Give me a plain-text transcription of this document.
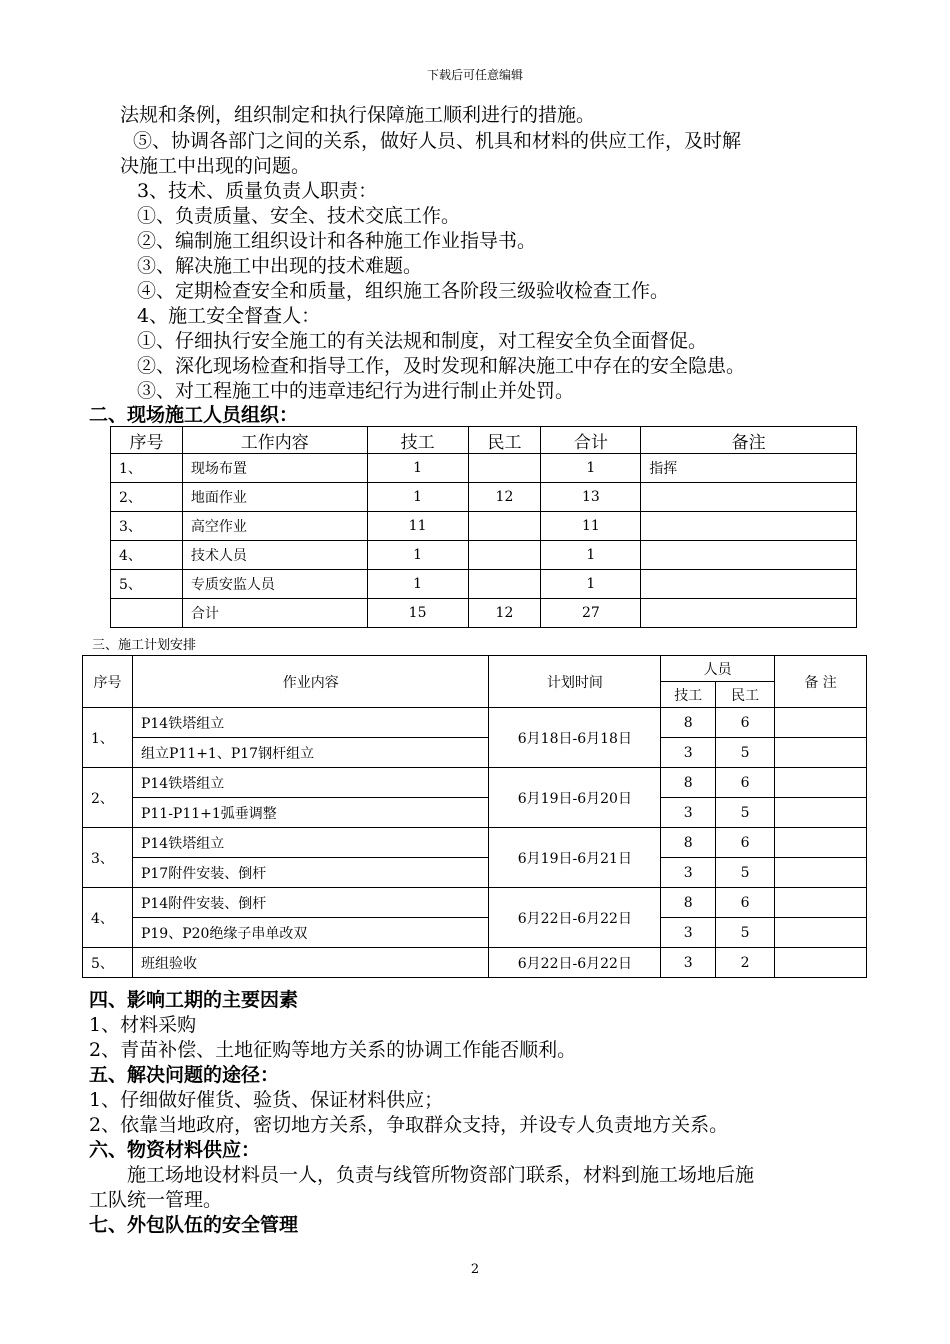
下载后可任意编辑
法规和条例，组织制定和执行保障施工顺利进行的措施。
⑤、协调各部门之间的关系，做好人员、机具和材料的供应工作，及时解
决施工中出现的问题。
3、技术、质量负责人职责：
①、负责质量、安全、技术交底工作。
②、编制施工组织设计和各种施工作业指导书。
③、解决施工中出现的技术难题。
④、定期检查安全和质量，组织施工各阶段三级验收检查工作。
4、施工安全督查人：
①、仔细执行安全施工的有关法规和制度，对工程安全负全面督促。
②、深化现场检查和指导工作，及时发现和解决施工中存在的安全隐患。
③、对工程施工中的违章违纪行为进行制止并处罚。
二、现场施工人员组织：
序号	工作内容	技工	民工	合计	备注
1、	现场布置	1		1	指挥
2、	地面作业	1	12	13	
3、	高空作业	11		11	
4、	技术人员	1		1	
5、	专质安监人员	1		1	
	合计	15	12	27	
三、施工计划安排
序号	作业内容	计划时间	人员		备 注
			技工	民工	
1、	P14铁塔组立	6月18日-6月18日	8	6	
	组立P11+1、P17钢杆组立		3	5	
2、	P14铁塔组立	6月19日-6月20日	8	6	
	P11-P11+1弧垂调整		3	5	
3、	P14铁塔组立	6月19日-6月21日	8	6	
	P17附件安装、倒杆		3	5	
4、	P14附件安装、倒杆	6月22日-6月22日	8	6	
	P19、P20绝缘子串单改双		3	5	
5、	班组验收	6月22日-6月22日	3	2	
四、影响工期的主要因素
1、材料采购
2、青苗补偿、土地征购等地方关系的协调工作能否顺利。
五、解决问题的途径：
1、仔细做好催货、验货、保证材料供应；
2、依靠当地政府，密切地方关系，争取群众支持，并设专人负责地方关系。
六、物资材料供应：
施工场地设材料员一人，负责与线管所物资部门联系，材料到施工场地后施
工队统一管理。
七、外包队伍的安全管理
2
